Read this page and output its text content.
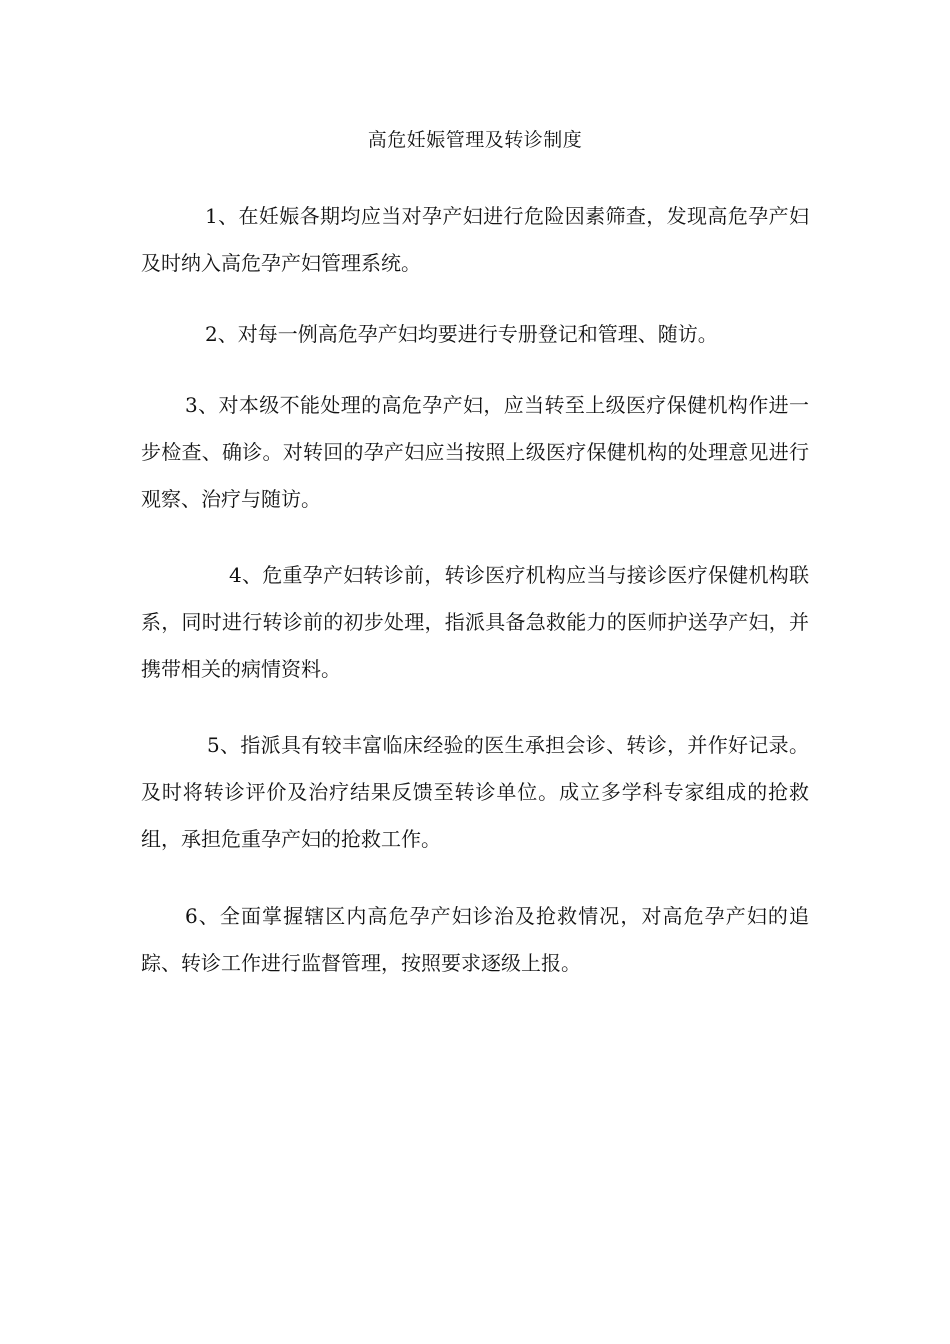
高危妊娠管理及转诊制度

1、在妊娠各期均应当对孕产妇进行危险因素筛查，发现高危孕产妇及时纳入高危孕产妇管理系统。

2、对每一例高危孕产妇均要进行专册登记和管理、随访。

3、对本级不能处理的高危孕产妇，应当转至上级医疗保健机构作进一步检查、确诊。对转回的孕产妇应当按照上级医疗保健机构的处理意见进行观察、治疗与随访。

4、危重孕产妇转诊前，转诊医疗机构应当与接诊医疗保健机构联系，同时进行转诊前的初步处理，指派具备急救能力的医师护送孕产妇，并携带相关的病情资料。

5、指派具有较丰富临床经验的医生承担会诊、转诊，并作好记录。及时将转诊评价及治疗结果反馈至转诊单位。成立多学科专家组成的抢救组，承担危重孕产妇的抢救工作。

6、全面掌握辖区内高危孕产妇诊治及抢救情况，对高危孕产妇的追踪、转诊工作进行监督管理，按照要求逐级上报。
